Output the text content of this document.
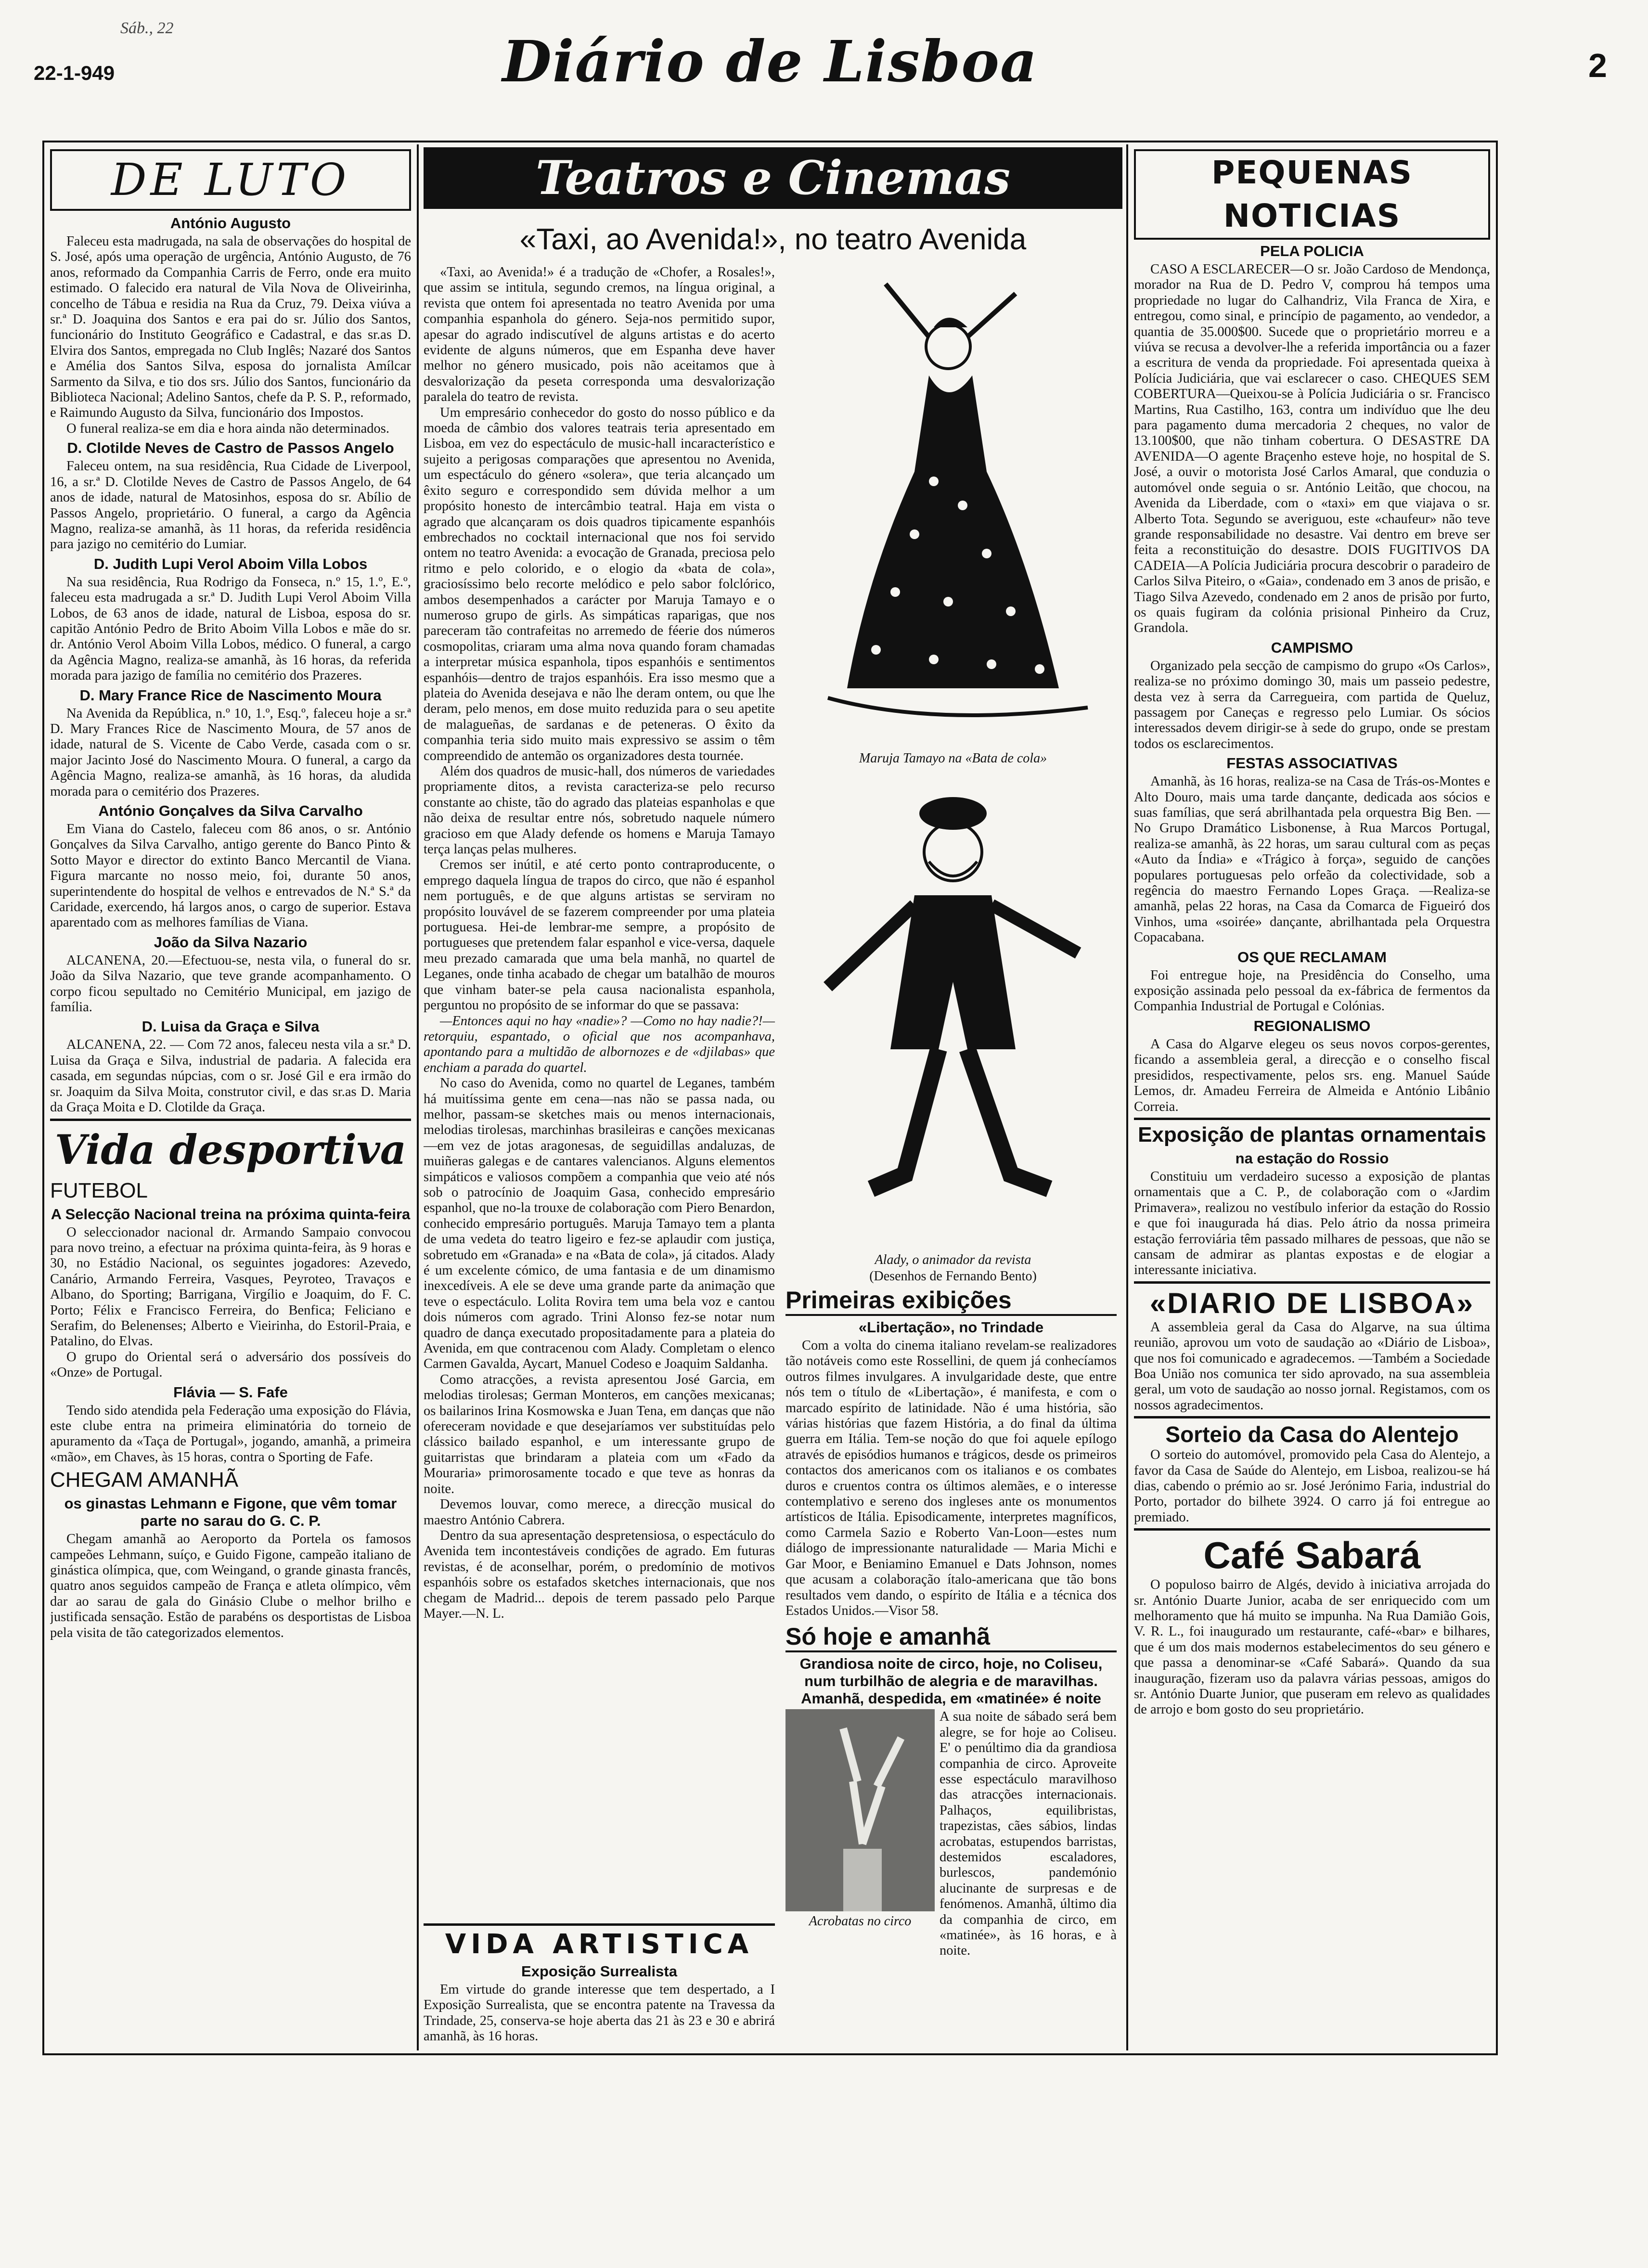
Sáb., 22
22-1-949	Diário de Lisboa	2
DE LUTO
António Augusto

Faleceu esta madrugada, na sala de observações do hospital de S. José, após uma operação de urgência, António Augusto, de 76 anos, reformado da Companhia Carris de Ferro, onde era muito estimado. O falecido era natural de Vila Nova de Oliveirinha, concelho de Tábua e residia na Rua da Cruz, 79. Deixa viúva a sr.ª D. Joaquina dos Santos e era pai do sr. Júlio dos Santos, funcionário do Instituto Geográfico e Cadastral, e das sr.as D. Elvira dos Santos, empregada no Club Inglês; Nazaré dos Santos e Amélia dos Santos Silva, esposa do jornalista Amílcar Sarmento da Silva, e tio dos srs. Júlio dos Santos, funcionário da Biblioteca Nacional; Adelino Santos, chefe da P. S. P., reformado, e Raimundo Augusto da Silva, funcionário dos Impostos.

O funeral realiza-se em dia e hora ainda não determinados.

D. Clotilde Neves de Castro de Passos Angelo

Faleceu ontem, na sua residência, Rua Cidade de Liverpool, 16, a sr.ª D. Clotilde Neves de Castro de Passos Angelo, de 64 anos de idade, natural de Matosinhos, esposa do sr. Abílio de Passos Angelo, proprietário. O funeral, a cargo da Agência Magno, realiza-se amanhã, às 11 horas, da referida residência para jazigo no cemitério do Lumiar.

D. Judith Lupi Verol Aboim Villa Lobos

Na sua residência, Rua Rodrigo da Fonseca, n.º 15, 1.º, E.º, faleceu esta madrugada a sr.ª D. Judith Lupi Verol Aboim Villa Lobos, de 63 anos de idade, natural de Lisboa, esposa do sr. capitão António Pedro de Brito Aboim Villa Lobos e mãe do sr. dr. António Verol Aboim Villa Lobos, médico. O funeral, a cargo da Agência Magno, realiza-se amanhã, às 16 horas, da referida morada para jazigo de família no cemitério dos Prazeres.

D. Mary France Rice de Nascimento Moura

Na Avenida da República, n.º 10, 1.º, Esq.º, faleceu hoje a sr.ª D. Mary Frances Rice de Nascimento Moura, de 57 anos de idade, natural de S. Vicente de Cabo Verde, casada com o sr. major Jacinto José do Nascimento Moura. O funeral, a cargo da Agência Magno, realiza-se amanhã, às 16 horas, da aludida morada para o cemitério dos Prazeres.

António Gonçalves da Silva Carvalho

Em Viana do Castelo, faleceu com 86 anos, o sr. António Gonçalves da Silva Carvalho, antigo gerente do Banco Pinto & Sotto Mayor e director do extinto Banco Mercantil de Viana. Figura marcante no nosso meio, foi, durante 50 anos, superintendente do hospital de velhos e entrevados de N.ª S.ª da Caridade, exercendo, há largos anos, o cargo de superior. Estava aparentado com as melhores famílias de Viana.

João da Silva Nazario

ALCANENA, 20.—Efectuou-se, nesta vila, o funeral do sr. João da Silva Nazario, que teve grande acompanhamento. O corpo ficou sepultado no Cemitério Municipal, em jazigo de família.

D. Luisa da Graça e Silva

ALCANENA, 22. — Com 72 anos, faleceu nesta vila a sr.ª D. Luisa da Graça e Silva, industrial de padaria. A falecida era casada, em segundas núpcias, com o sr. José Gil e era irmão do sr. Joaquim da Silva Moita, construtor civil, e das sr.as D. Maria da Graça Moita e D. Clotilde da Graça.

Vida desportiva
FUTEBOL
A Selecção Nacional treina na próxima quinta-feira

O seleccionador nacional dr. Armando Sampaio convocou para novo treino, a efectuar na próxima quinta-feira, às 9 horas e 30, no Estádio Nacional, os seguintes jogadores: Azevedo, Canário, Armando Ferreira, Vasques, Peyroteo, Travaços e Albano, do Sporting; Barrigana, Virgílio e Joaquim, do F. C. Porto; Félix e Francisco Ferreira, do Benfica; Feliciano e Serafim, do Belenenses; Alberto e Vieirinha, do Estoril-Praia, e Patalino, do Elvas.

O grupo do Oriental será o adversário dos possíveis do «Onze» de Portugal.

Flávia — S. Fafe

Tendo sido atendida pela Federação uma exposição do Flávia, este clube entra na primeira eliminatória do torneio de apuramento da «Taça de Portugal», jogando, amanhã, a primeira «mão», em Chaves, às 15 horas, contra o Sporting de Fafe.

CHEGAM AMANHÃ
os ginastas Lehmann e Figone, que vêm tomar parte no sarau do G. C. P.

Chegam amanhã ao Aeroporto da Portela os famosos campeões Lehmann, suíço, e Guido Figone, campeão italiano de ginástica olímpica, que, com Weingand, o grande ginasta francês, quatro anos seguidos campeão de França e atleta olímpico, vêm dar ao sarau de gala do Ginásio Clube o melhor brilho e justificada sensação. Estão de parabéns os desportistas de Lisboa pela visita de tão categorizados elementos.

Teatros e Cinemas
«Taxi, ao Avenida!», no teatro Avenida

«Taxi, ao Avenida!» é a tradução de «Chofer, a Rosales!», que assim se intitula, segundo cremos, na língua original, a revista que ontem foi apresentada no teatro Avenida por uma companhia espanhola do género. Seja-nos permitido supor, apesar do agrado indiscutível de alguns artistas e do acerto evidente de alguns números, que em Espanha deve haver melhor no género musicado, pois não aceitamos que à desvalorização da peseta corresponda uma desvalorização paralela do teatro de revista.

Um empresário conhecedor do gosto do nosso público e da moeda de câmbio dos valores teatrais teria apresentado em Lisboa, em vez do espectáculo de music-hall incaracterístico e sujeito a perigosas comparações que apresentou no Avenida, um espectáculo do género «solera», que teria alcançado um êxito seguro e correspondido sem dúvida melhor a um propósito honesto de intercâmbio teatral. Haja em vista o agrado que alcançaram os dois quadros tipicamente espanhóis embrechados no cocktail internacional que nos foi servido ontem no teatro Avenida: a evocação de Granada, preciosa pelo ritmo e pelo colorido, e o elogio da «bata de cola», graciosíssimo belo recorte melódico e pelo sabor folclórico, ambos desempenhados a carácter por Maruja Tamayo e o numeroso grupo de girls. As simpáticas raparigas, que nos pareceram tão contrafeitas no arremedo de féerie dos números cosmopolitas, criaram uma alma nova quando foram chamadas a interpretar música espanhola, tipos espanhóis e sentimentos espanhóis—dentro de trajos espanhóis. Era isso mesmo que a plateia do Avenida desejava e não lhe deram ontem, ou que lhe deram, pelo menos, em dose muito reduzida para o seu apetite de malagueñas, de sardanas e de peteneras. O êxito da companhia teria sido muito mais expressivo se assim o têm compreendido de antemão os organizadores desta tournée.

Além dos quadros de music-hall, dos números de variedades propriamente ditos, a revista caracteriza-se pelo recurso constante ao chiste, tão do agrado das plateias espanholas e que não deixa de resultar entre nós, sobretudo naquele número gracioso em que Alady defende os homens e Maruja Tamayo terça lanças pelas mulheres.

Cremos ser inútil, e até certo ponto contraproducente, o emprego daquela língua de trapos do circo, que não é espanhol nem português, e de que alguns artistas se serviram no propósito louvável de se fazerem compreender por uma plateia portuguesa. Hei-de lembrar-me sempre, a propósito de portugueses que pretendem falar espanhol e vice-versa, daquele meu prezado camarada que uma bela manhã, no quartel de Leganes, onde tinha acabado de chegar um batalhão de mouros que vinham bater-se pela causa nacionalista espanhola, perguntou no propósito de se informar do que se passava:

—Entonces aqui no hay «nadie»? —Como no hay nadie?!—retorquiu, espantado, o oficial que nos acompanhava, apontando para a multidão de albornozes e de «djilabas» que enchiam a parada do quartel.

No caso do Avenida, como no quartel de Leganes, também há muitíssima gente em cena—nas não se passa nada, ou melhor, passam-se sketches mais ou menos internacionais, melodias tirolesas, marchinhas brasileiras e canções mexicanas—em vez de jotas aragonesas, de seguidillas andaluzas, de muiñeras galegas e de cantares valencianos. Alguns elementos simpáticos e valiosos compõem a companhia que veio até nós sob o patrocínio de Joaquim Gasa, conhecido empresário espanhol, que no-la trouxe de colaboração com Piero Benardon, conhecido empresário português. Maruja Tamayo tem a planta de uma vedeta do teatro ligeiro e fez-se aplaudir com justiça, sobretudo em «Granada» e na «Bata de cola», já citados. Alady é um excelente cómico, de uma fantasia e de um dinamismo inexcedíveis. A ele se deve uma grande parte da animação que teve o espectáculo. Lolita Rovira tem uma bela voz e cantou dois números com agrado. Trini Alonso fez-se notar num quadro de dança executado propositadamente para a plateia do Avenida, em que contracenou com Alady. Completam o elenco Carmen Gavalda, Aycart, Manuel Codeso e Joaquim Saldanha.

Como atracções, a revista apresentou José Garcia, em melodias tirolesas; German Monteros, em canções mexicanas; os bailarinos Irina Kosmowska e Juan Tena, em danças que não ofereceram novidade e que desejaríamos ver substituídas pelo clássico bailado espanhol, e um interessante grupo de guitarristas que brindaram a plateia com um «Fado da Mouraria» primorosamente tocado e que teve as honras da noite.

Devemos louvar, como merece, a direcção musical do maestro António Cabrera.

Dentro da sua apresentação despretensiosa, o espectáculo do Avenida tem incontestáveis condições de agrado. Em futuras revistas, é de aconselhar, porém, o predomínio de motivos espanhóis sobre os estafados sketches internacionais, que nos chegam de Madrid... depois de terem passado pelo Parque Mayer.—N. L.

Maruja Tamayo na «Bata de cola»
Alady, o animador da revista
(Desenhos de Fernando Bento)
Primeiras exibições
«Libertação», no Trindade

Com a volta do cinema italiano revelam-se realizadores tão notáveis como este Rossellini, de quem já conhecíamos outros filmes invulgares. A invulgaridade deste, que entre nós tem o título de «Libertação», é manifesta, e com o marcado espírito de latinidade. Não é uma história, são várias histórias que fazem História, a do final da última guerra em Itália. Tem-se noção do que foi aquele epílogo através de episódios humanos e trágicos, desde os primeiros contactos dos americanos com os italianos e os combates duros e cruentos contra os últimos alemães, e o interesse contemplativo e sereno dos ingleses ante os monumentos artísticos de Itália. Episodicamente, interpretes magníficos, como Carmela Sazio e Roberto Van-Loon—estes num diálogo de impressionante naturalidade — Maria Michi e Gar Moor, e Beniamino Emanuel e Dats Johnson, nomes que acusam a colaboração ítalo-americana que tão bons resultados vem dando, o espírito de Itália e a técnica dos Estados Unidos.—Visor 58.

Só hoje e amanhã
Grandiosa noite de circo, hoje, no Coliseu, num turbilhão de alegria e de maravilhas. Amanhã, despedida, em «matinée» é noite
Acrobatas no circo

A sua noite de sábado será bem alegre, se for hoje ao Coliseu. E' o penúltimo dia da grandiosa companhia de circo. Aproveite esse espectáculo maravilhoso das atracções internacionais. Palhaços, equilibristas, trapezistas, cães sábios, lindas acrobatas, estupendos barristas, destemidos escaladores, burlescos, pandemónio alucinante de surpresas e de fenómenos. Amanhã, último dia da companhia de circo, em «matinée», às 16 horas, e à noite.

VIDA ARTISTICA
Exposição Surrealista

Em virtude do grande interesse que tem despertado, a I Exposição Surrealista, que se encontra patente na Travessa da Trindade, 25, conserva-se hoje aberta das 21 às 23 e 30 e abrirá amanhã, às 16 horas.

PEQUENAS NOTICIAS
PELA POLICIA

CASO A ESCLARECER—O sr. João Cardoso de Mendonça, morador na Rua de D. Pedro V, comprou há tempos uma propriedade no lugar do Calhandriz, Vila Franca de Xira, e entregou, como sinal, e princípio de pagamento, ao vendedor, a quantia de 35.000$00. Sucede que o proprietário morreu e a viúva se recusa a devolver-lhe a referida importância ou a fazer a escritura de venda da propriedade. Foi apresentada queixa à Polícia Judiciária, que vai esclarecer o caso. CHEQUES SEM COBERTURA—Queixou-se à Polícia Judiciária o sr. Francisco Martins, Rua Castilho, 163, contra um indivíduo que lhe deu para pagamento duma mercadoria 2 cheques, no valor de 13.100$00, que não tinham cobertura. O DESASTRE DA AVENIDA—O agente Braçenho esteve hoje, no hospital de S. José, a ouvir o motorista José Carlos Amaral, que conduzia o automóvel onde seguia o sr. António Leitão, que chocou, na Avenida da Liberdade, com o «taxi» em que viajava o sr. Alberto Tota. Segundo se averiguou, este «chaufeur» não teve grande responsabilidade no desastre. Vai dentro em breve ser feita a reconstituição do desastre. DOIS FUGITIVOS DA CADEIA—A Polícia Judiciária procura descobrir o paradeiro de Carlos Silva Piteiro, o «Gaia», condenado em 3 anos de prisão, e Tiago Silva Azevedo, condenado em 2 anos de prisão por furto, os quais fugiram da colónia prisional Pinheiro da Cruz, Grandola.

CAMPISMO

Organizado pela secção de campismo do grupo «Os Carlos», realiza-se no próximo domingo 30, mais um passeio pedestre, desta vez à serra da Carregueira, com partida de Queluz, passagem por Caneças e regresso pelo Lumiar. Os sócios interessados devem dirigir-se à sede do grupo, onde se prestam todos os esclarecimentos.

FESTAS ASSOCIATIVAS

Amanhã, às 16 horas, realiza-se na Casa de Trás-os-Montes e Alto Douro, mais uma tarde dançante, dedicada aos sócios e suas famílias, que será abrilhantada pela orquestra Big Ben. —No Grupo Dramático Lisbonense, à Rua Marcos Portugal, realiza-se amanhã, às 22 horas, um sarau cultural com as peças «Auto da Índia» e «Trágico à força», seguido de canções populares portuguesas pelo orfeão da colectividade, sob a regência do maestro Fernando Lopes Graça. —Realiza-se amanhã, pelas 22 horas, na Casa da Comarca de Figueiró dos Vinhos, uma «soirée» dançante, abrilhantada pela Orquestra Copacabana.

OS QUE RECLAMAM

Foi entregue hoje, na Presidência do Conselho, uma exposição assinada pelo pessoal da ex-fábrica de fermentos da Companhia Industrial de Portugal e Colónias.

REGIONALISMO

A Casa do Algarve elegeu os seus novos corpos-gerentes, ficando a assembleia geral, a direcção e o conselho fiscal presididos, respectivamente, pelos srs. eng. Manuel Saúde Lemos, dr. Amadeu Ferreira de Almeida e António Libânio Correia.

Exposição de plantas ornamentais
na estação do Rossio

Constituiu um verdadeiro sucesso a exposição de plantas ornamentais que a C. P., de colaboração com o «Jardim Primavera», realizou no vestíbulo inferior da estação do Rossio e que foi inaugurada há dias. Pelo átrio da nossa primeira estação ferroviária têm passado milhares de pessoas, que não se cansam de admirar as plantas expostas e de elogiar a interessante iniciativa.

«DIARIO DE LISBOA»

A assembleia geral da Casa do Algarve, na sua última reunião, aprovou um voto de saudação ao «Diário de Lisboa», que nos foi comunicado e agradecemos. —Também a Sociedade Boa União nos comunica ter sido aprovado, na sua assembleia geral, um voto de saudação ao nosso jornal. Registamos, com os nossos agradecimentos.

Sorteio da Casa do Alentejo

O sorteio do automóvel, promovido pela Casa do Alentejo, a favor da Casa de Saúde do Alentejo, em Lisboa, realizou-se há dias, cabendo o prémio ao sr. José Jerónimo Faria, industrial do Porto, portador do bilhete 3924. O carro já foi entregue ao premiado.

Café Sabará

O populoso bairro de Algés, devido à iniciativa arrojada do sr. António Duarte Junior, acaba de ser enriquecido com um melhoramento que há muito se impunha. Na Rua Damião Gois, V. R. L., foi inaugurado um restaurante, café-«bar» e bilhares, que é um dos mais modernos estabelecimentos do seu género e que passa a denominar-se «Café Sabará». Quando da sua inauguração, fizeram uso da palavra várias pessoas, amigos do sr. António Duarte Junior, que puseram em relevo as qualidades de arrojo e bom gosto do seu proprietário.
